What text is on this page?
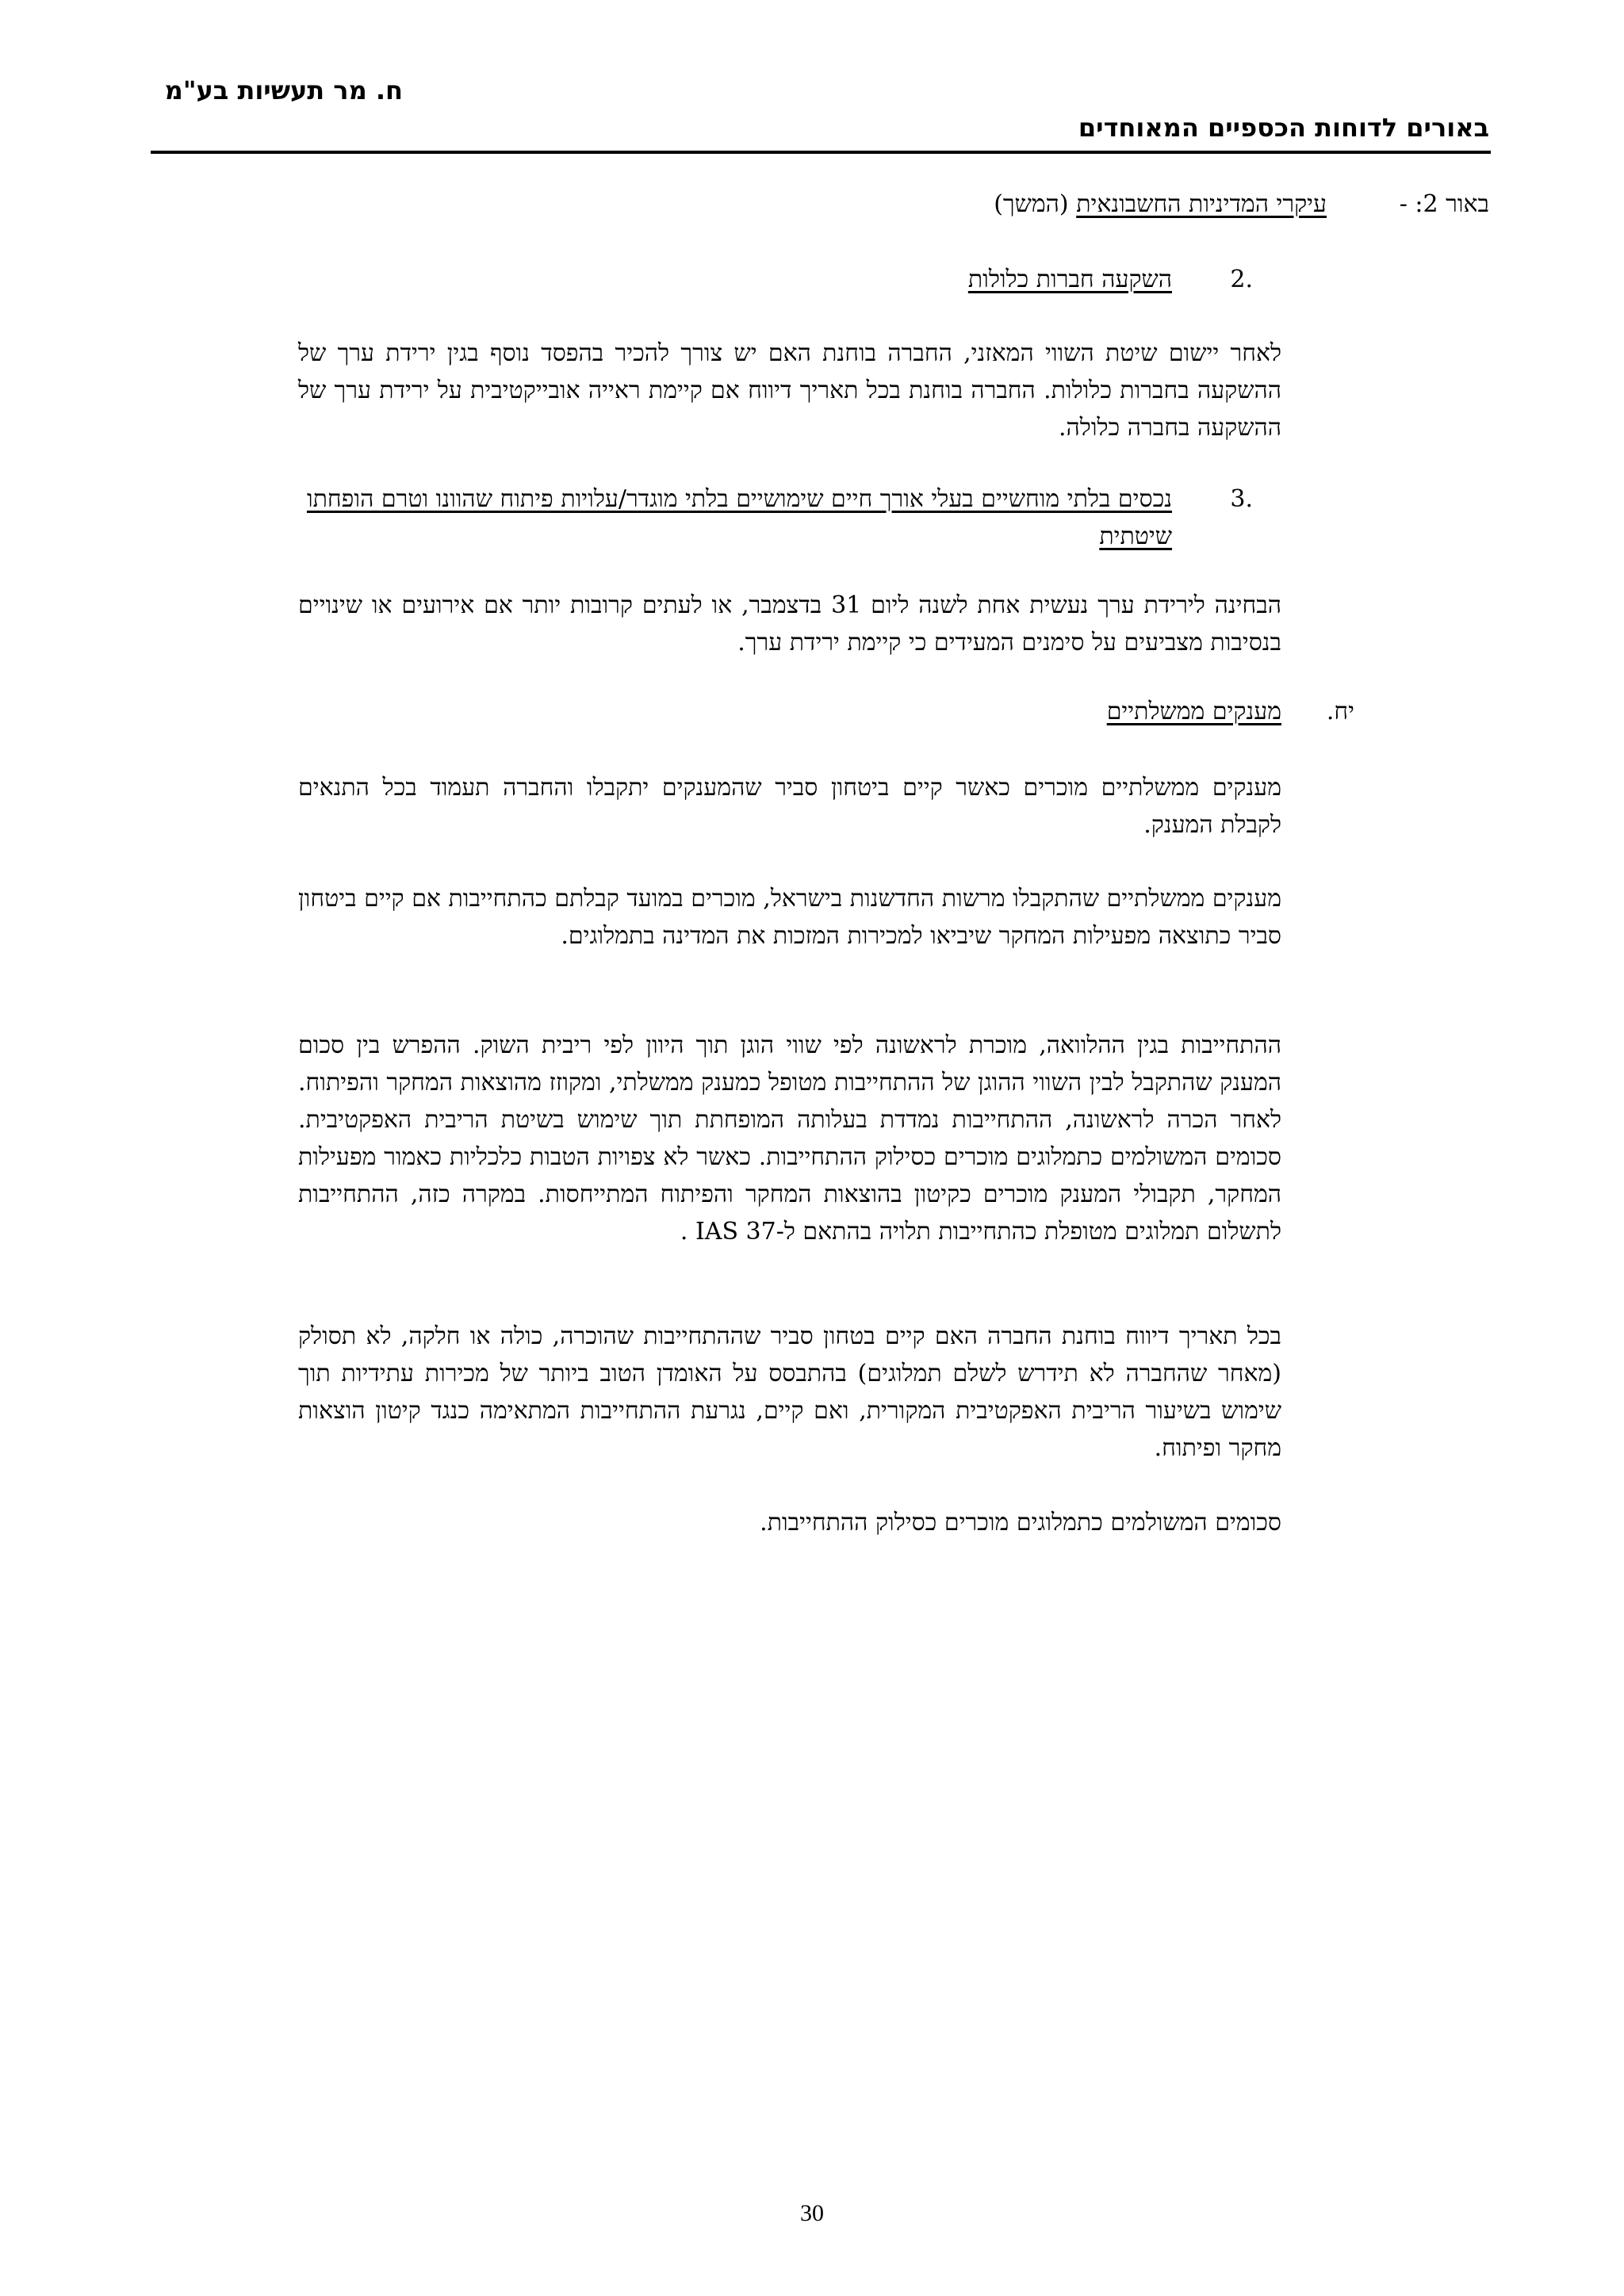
ח. מר תעשיות בע"מ
באורים לדוחות הכספיים המאוחדים
באור 2: -
עיקרי המדיניות החשבונאית (המשך)
.2
השקעה חברות כלולות
לאחר יישום שיטת השווי המאזני, החברה בוחנת האם יש צורך להכיר בהפסד נוסף בגין ירידת ערך של ההשקעה בחברות כלולות. החברה בוחנת בכל תאריך דיווח אם קיימת ראייה אובייקטיבית על ירידת ערך של ההשקעה בחברה כלולה.
.3
נכסים בלתי מוחשיים בעלי אורך חיים שימושיים בלתי מוגדר/עלויות פיתוח שהוונו וטרם הופחתו שיטתית
הבחינה לירידת ערך נעשית אחת לשנה ליום 31 בדצמבר, או לעתים קרובות יותר אם אירועים או שינויים בנסיבות מצביעים על סימנים המעידים כי קיימת ירידת ערך.
יח.
מענקים ממשלתיים
מענקים ממשלתיים מוכרים כאשר קיים ביטחון סביר שהמענקים יתקבלו והחברה תעמוד בכל התנאים לקבלת המענק.
מענקים ממשלתיים שהתקבלו מרשות החדשנות בישראל, מוכרים במועד קבלתם כהתחייבות אם קיים ביטחון סביר כתוצאה מפעילות המחקר שיביאו למכירות המזכות את המדינה בתמלוגים.
ההתחייבות בגין ההלוואה, מוכרת לראשונה לפי שווי הוגן תוך היוון לפי ריבית השוק. ההפרש בין סכום המענק שהתקבל לבין השווי ההוגן של ההתחייבות מטופל כמענק ממשלתי, ומקוזז מהוצאות המחקר והפיתוח. לאחר הכרה לראשונה, ההתחייבות נמדדת בעלותה המופחתת תוך שימוש בשיטת הריבית האפקטיבית. סכומים המשולמים כתמלוגים מוכרים כסילוק ההתחייבות. כאשר לא צפויות הטבות כלכליות כאמור מפעילות המחקר, תקבולי המענק מוכרים כקיטון בהוצאות המחקר והפיתוח המתייחסות. במקרה כזה, ההתחייבות לתשלום תמלוגים מטופלת כהתחייבות תלויה בהתאם ל-IAS 37 .
בכל תאריך דיווח בוחנת החברה האם קיים בטחון סביר שההתחייבות שהוכרה, כולה או חלקה, לא תסולק (מאחר שהחברה לא תידרש לשלם תמלוגים) בהתבסס על האומדן הטוב ביותר של מכירות עתידיות תוך שימוש בשיעור הריבית האפקטיבית המקורית, ואם קיים, נגרעת ההתחייבות המתאימה כנגד קיטון הוצאות מחקר ופיתוח.
סכומים המשולמים כתמלוגים מוכרים כסילוק ההתחייבות.
30
